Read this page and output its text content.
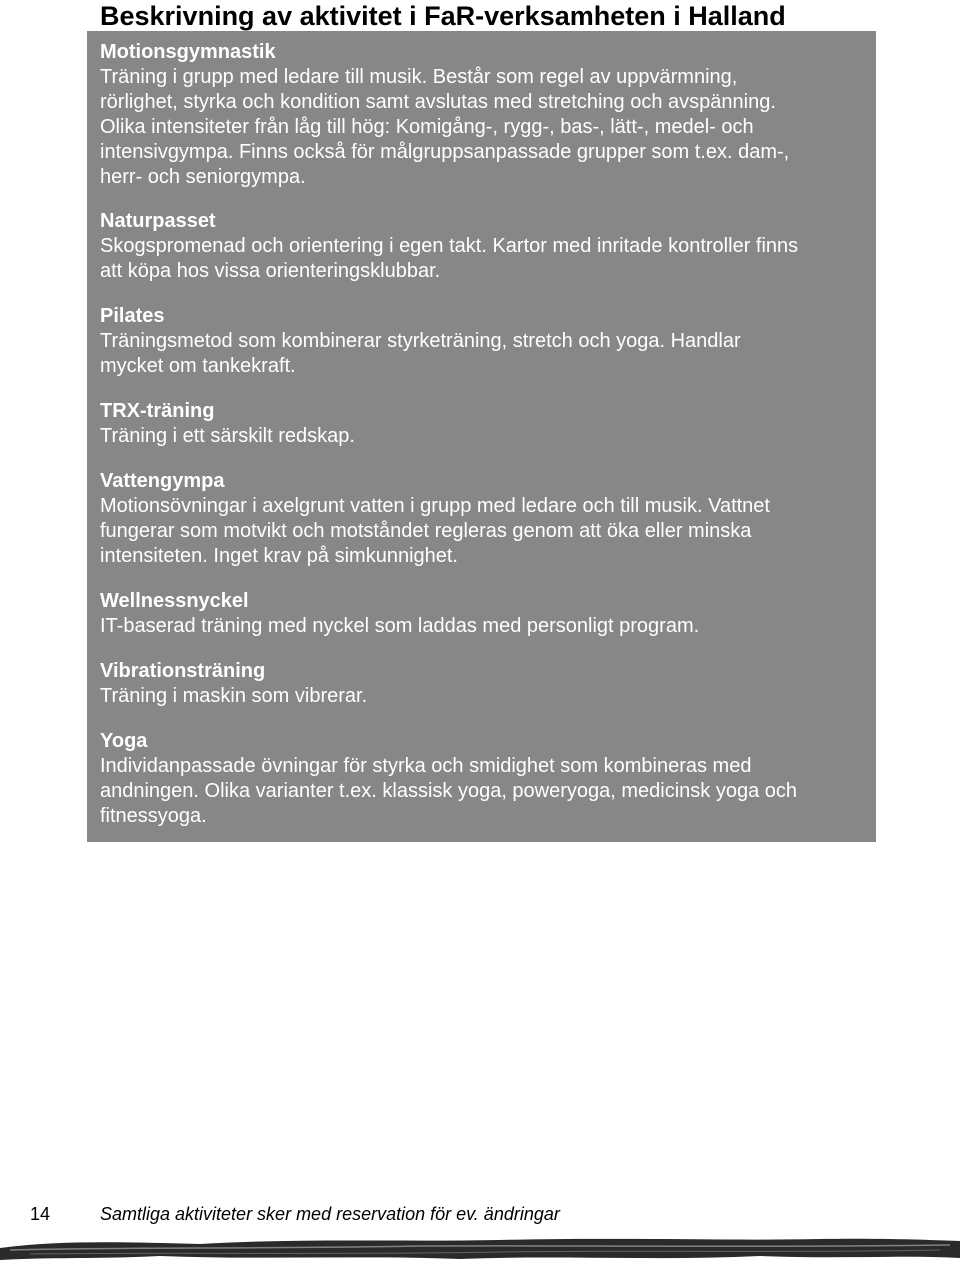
Beskrivning av aktivitet i FaR-verksamheten i Halland
Motionsgymnastik
Träning i grupp med ledare till musik. Består som regel av uppvärmning,
rörlighet, styrka och kondition samt avslutas med stretching och avspänning.
Olika intensiteter från låg till hög: Komigång-, rygg-, bas-, lätt-, medel- och
intensivgympa. Finns också för målgruppsanpassade grupper som t.ex. dam-,
herr- och seniorgympa.
Naturpasset
Skogspromenad och orientering i egen takt. Kartor med inritade kontroller finns
att köpa hos vissa orienteringsklubbar.
Pilates
Träningsmetod som kombinerar styrketräning, stretch och yoga. Handlar
mycket om tankekraft.
TRX-träning
Träning i ett särskilt redskap.
Vattengympa
Motionsövningar i axelgrunt vatten i grupp med ledare och till musik. Vattnet
fungerar som motvikt och motståndet regleras genom att öka eller minska
intensiteten. Inget krav på simkunnighet.
Wellnessnyckel
IT-baserad träning med nyckel som laddas med personligt program.
Vibrationsträning
Träning i maskin som vibrerar.
Yoga
Individanpassade övningar för styrka och smidighet som kombineras med
andningen. Olika varianter t.ex. klassisk yoga, poweryoga, medicinsk yoga och
fitnessyoga.
14	Samtliga aktiviteter sker med reservation för ev. ändringar
